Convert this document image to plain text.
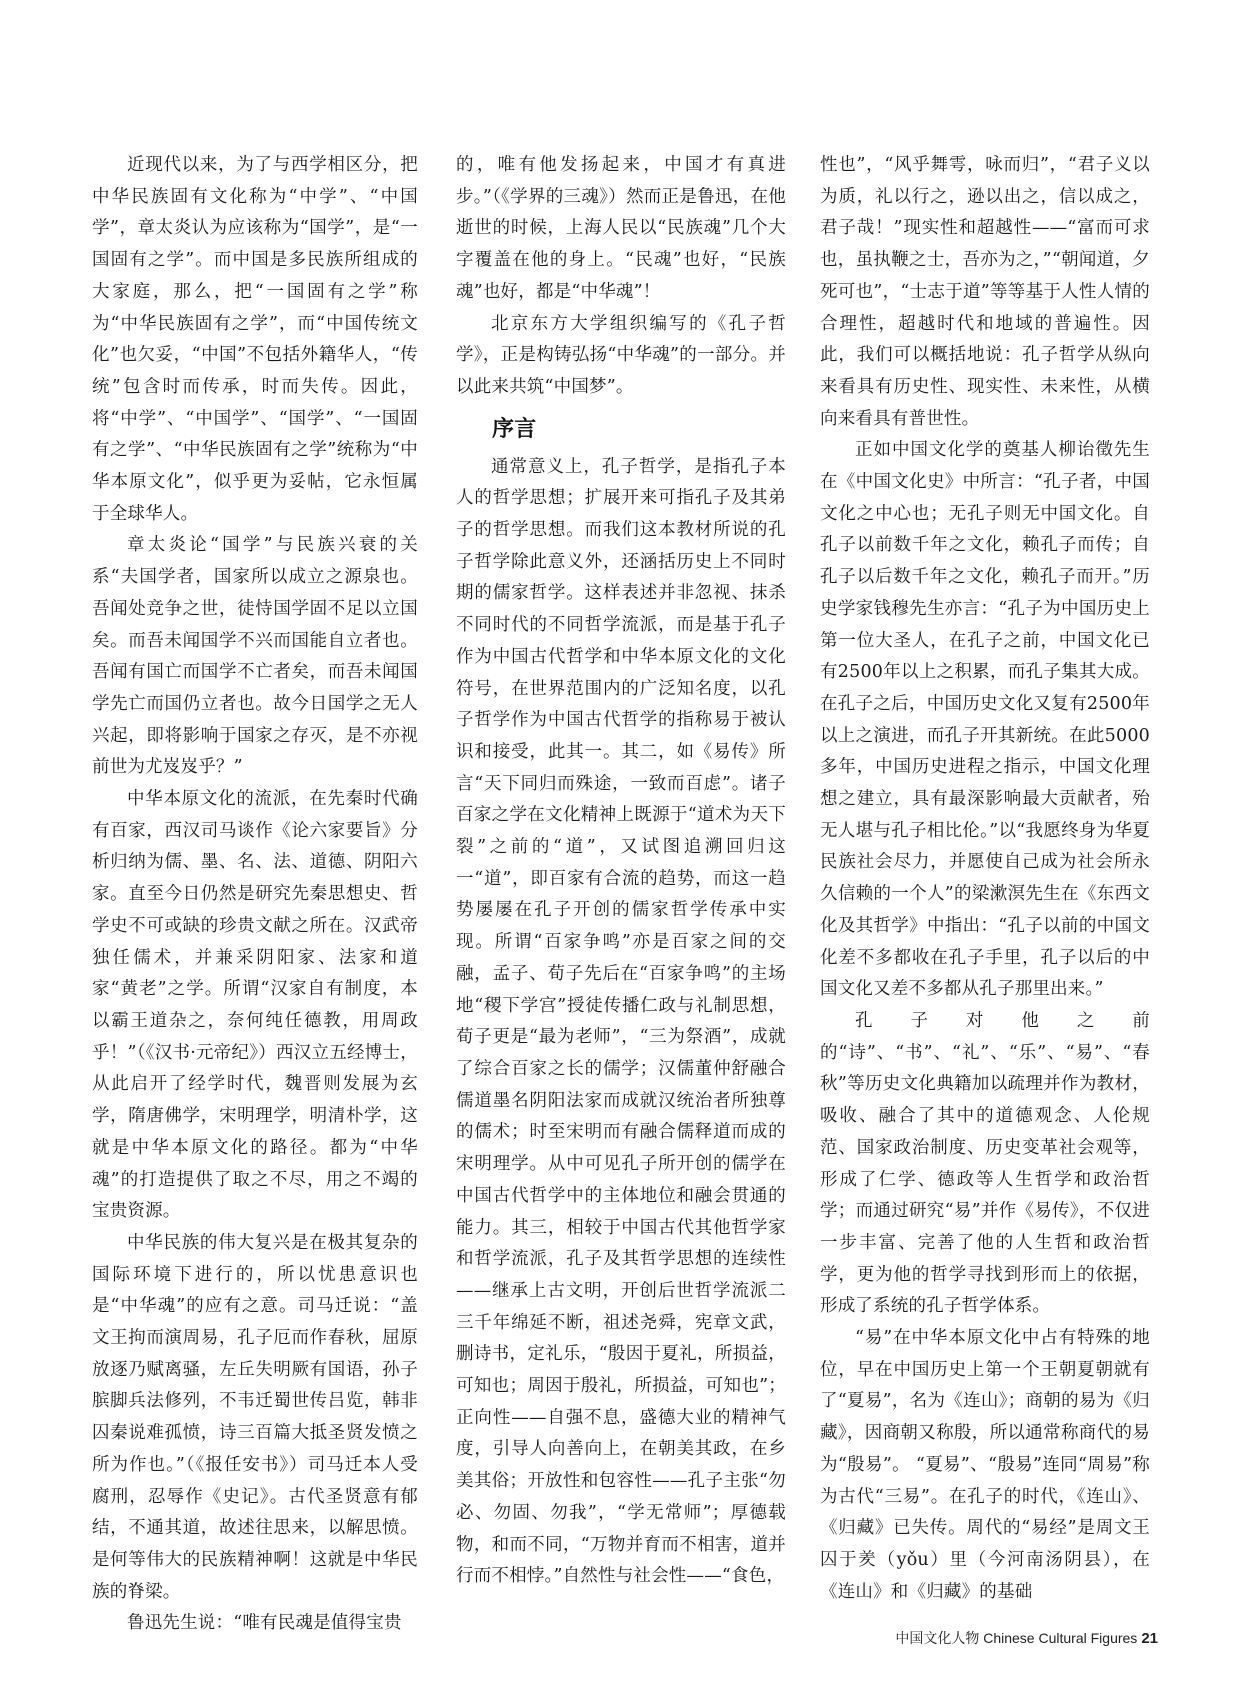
近现代以来，为了与西学相区分，把中华民族固有文化称为“中学”、“中国学”，章太炎认为应该称为“国学”，是“一国固有之学”。而中国是多民族所组成的大家庭，那么，把“一国固有之学”称为“中华民族固有之学”，而“中国传统文化”也欠妥，“中国”不包括外籍华人，“传统”包含时而传承，时而失传。因此，将“中学”、“中国学”、“国学”、“一国固有之学”、“中华民族固有之学”统称为“中华本原文化”，似乎更为妥帖，它永恒属于全球华人。

章太炎论“国学”与民族兴衰的关系“夫国学者，国家所以成立之源泉也。吾闻处竞争之世，徒恃国学固不足以立国矣。而吾未闻国学不兴而国能自立者也。吾闻有国亡而国学不亡者矣，而吾未闻国学先亡而国仍立者也。故今日国学之无人兴起，即将影响于国家之存灭，是不亦视前世为尤岌岌乎？”

中华本原文化的流派，在先秦时代确有百家，西汉司马谈作《论六家要旨》分析归纳为儒、墨、名、法、道德、阴阳六家。直至今日仍然是研究先秦思想史、哲学史不可或缺的珍贵文献之所在。汉武帝独任儒术，并兼采阴阳家、法家和道家“黄老”之学。所谓“汉家自有制度，本以霸王道杂之，奈何纯任德教，用周政乎！”（《汉书·元帝纪》）西汉立五经博士，从此启开了经学时代，魏晋则发展为玄学，隋唐佛学，宋明理学，明清朴学，这就是中华本原文化的路径。都为“中华魂”的打造提供了取之不尽，用之不竭的宝贵资源。

中华民族的伟大复兴是在极其复杂的国际环境下进行的，所以忧患意识也是“中华魂”的应有之意。司马迁说：“盖文王拘而演周易，孔子厄而作春秋，屈原放逐乃赋离骚，左丘失明厥有国语，孙子膑脚兵法修列，不韦迁蜀世传吕览，韩非囚秦说难孤愤，诗三百篇大抵圣贤发愤之所为作也。”（《报任安书》）司马迁本人受腐刑，忍辱作《史记》。古代圣贤意有郁结，不通其道，故述往思来，以解思愤。是何等伟大的民族精神啊！这就是中华民族的脊梁。

鲁迅先生说：“唯有民魂是值得宝贵

的，唯有他发扬起来，中国才有真进步。”（《学界的三魂》）然而正是鲁迅，在他逝世的时候，上海人民以“民族魂”几个大字覆盖在他的身上。“民魂”也好，“民族魂”也好，都是“中华魂”！

北京东方大学组织编写的《孔子哲学》，正是构铸弘扬“中华魂”的一部分。并以此来共筑“中国梦”。

序言

通常意义上，孔子哲学，是指孔子本人的哲学思想；扩展开来可指孔子及其弟子的哲学思想。而我们这本教材所说的孔子哲学除此意义外，还涵括历史上不同时期的儒家哲学。这样表述并非忽视、抹杀不同时代的不同哲学流派，而是基于孔子作为中国古代哲学和中华本原文化的文化符号，在世界范围内的广泛知名度，以孔子哲学作为中国古代哲学的指称易于被认识和接受，此其一。其二，如《易传》所言“天下同归而殊途，一致而百虑”。诸子百家之学在文化精神上既源于“道术为天下裂”之前的“道”，又试图追溯回归这一“道”，即百家有合流的趋势，而这一趋势屡屡在孔子开创的儒家哲学传承中实现。所谓“百家争鸣”亦是百家之间的交融，孟子、荀子先后在“百家争鸣”的主场地“稷下学宫”授徒传播仁政与礼制思想，荀子更是“最为老师”，“三为祭酒”，成就了综合百家之长的儒学；汉儒董仲舒融合儒道墨名阴阳法家而成就汉统治者所独尊的儒术；时至宋明而有融合儒释道而成的宋明理学。从中可见孔子所开创的儒学在中国古代哲学中的主体地位和融会贯通的能力。其三，相较于中国古代其他哲学家和哲学流派，孔子及其哲学思想的连续性——继承上古文明，开创后世哲学流派二三千年绵延不断，祖述尧舜，宪章文武，删诗书，定礼乐，“殷因于夏礼，所损益，可知也；周因于殷礼，所损益，可知也”；正向性——自强不息，盛德大业的精神气度，引导人向善向上，在朝美其政，在乡美其俗；开放性和包容性——孔子主张“勿必、勿固、勿我”，“学无常师”；厚德载物，和而不同，“万物并育而不相害，道并行而不相悖。”自然性与社会性——“食色，

性也”，“风乎舞雩，咏而归”，“君子义以为质，礼以行之，逊以出之，信以成之，君子哉！”现实性和超越性——“富而可求也，虽执鞭之士，吾亦为之，”“朝闻道，夕死可也”，“士志于道”等等基于人性人情的合理性，超越时代和地域的普遍性。因此，我们可以概括地说：孔子哲学从纵向来看具有历史性、现实性、未来性，从横向来看具有普世性。

正如中国文化学的奠基人柳诒徵先生在《中国文化史》中所言：“孔子者，中国文化之中心也；无孔子则无中国文化。自孔子以前数千年之文化，赖孔子而传；自孔子以后数千年之文化，赖孔子而开。”历史学家钱穆先生亦言：“孔子为中国历史上第一位大圣人，在孔子之前，中国文化已有2500年以上之积累，而孔子集其大成。在孔子之后，中国历史文化又复有2500年以上之演进，而孔子开其新统。在此5000多年，中国历史进程之指示，中国文化理想之建立，具有最深影响最大贡献者，殆无人堪与孔子相比伦。”以“我愿终身为华夏民族社会尽力，并愿使自己成为社会所永久信赖的一个人”的梁漱溟先生在《东西文化及其哲学》中指出：“孔子以前的中国文化差不多都收在孔子手里，孔子以后的中国文化又差不多都从孔子那里出来。”

孔子对他之前的“诗”、“书”、“礼”、“乐”、“易”、“春秋”等历史文化典籍加以疏理并作为教材，吸收、融合了其中的道德观念、人伦规范、国家政治制度、历史变革社会观等，形成了仁学、德政等人生哲学和政治哲学；而通过研究“易”并作《易传》，不仅进一步丰富、完善了他的人生哲和政治哲学，更为他的哲学寻找到形而上的依据，形成了系统的孔子哲学体系。

“易”在中华本原文化中占有特殊的地位，早在中国历史上第一个王朝夏朝就有了“夏易”，名为《连山》；商朝的易为《归藏》，因商朝又称殷，所以通常称商代的易为“殷易”。 “夏易”、“殷易”连同“周易”称为古代“三易”。在孔子的时代，《连山》、《归藏》已失传。周代的“易经”是周文王囚于羑（yǒu）里（今河南汤阴县），在《连山》和《归藏》的基础

中国文化人物 Chinese Cultural Figures 21
